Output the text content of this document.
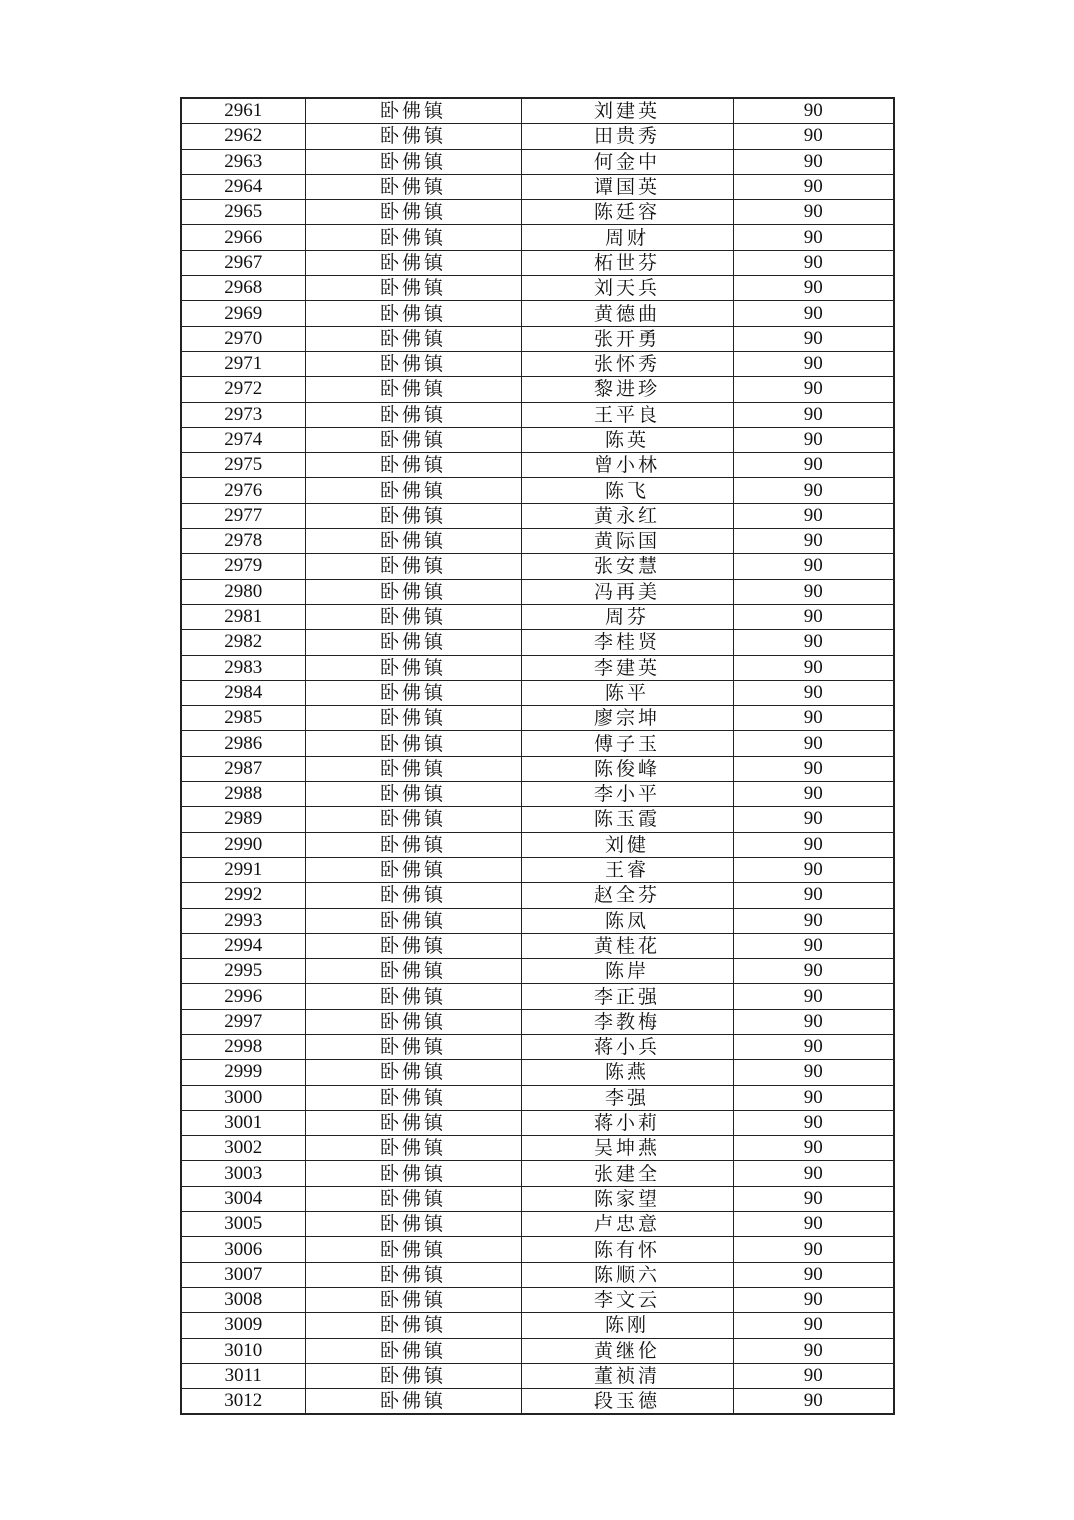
2961	卧佛镇	刘建英	90
2962	卧佛镇	田贵秀	90
2963	卧佛镇	何金中	90
2964	卧佛镇	谭国英	90
2965	卧佛镇	陈廷容	90
2966	卧佛镇	周财	90
2967	卧佛镇	柘世芬	90
2968	卧佛镇	刘天兵	90
2969	卧佛镇	黄德曲	90
2970	卧佛镇	张开勇	90
2971	卧佛镇	张怀秀	90
2972	卧佛镇	黎进珍	90
2973	卧佛镇	王平良	90
2974	卧佛镇	陈英	90
2975	卧佛镇	曾小林	90
2976	卧佛镇	陈飞	90
2977	卧佛镇	黄永红	90
2978	卧佛镇	黄际国	90
2979	卧佛镇	张安慧	90
2980	卧佛镇	冯再美	90
2981	卧佛镇	周芬	90
2982	卧佛镇	李桂贤	90
2983	卧佛镇	李建英	90
2984	卧佛镇	陈平	90
2985	卧佛镇	廖宗坤	90
2986	卧佛镇	傅子玉	90
2987	卧佛镇	陈俊峰	90
2988	卧佛镇	李小平	90
2989	卧佛镇	陈玉霞	90
2990	卧佛镇	刘健	90
2991	卧佛镇	王睿	90
2992	卧佛镇	赵全芬	90
2993	卧佛镇	陈凤	90
2994	卧佛镇	黄桂花	90
2995	卧佛镇	陈岸	90
2996	卧佛镇	李正强	90
2997	卧佛镇	李教梅	90
2998	卧佛镇	蒋小兵	90
2999	卧佛镇	陈燕	90
3000	卧佛镇	李强	90
3001	卧佛镇	蒋小莉	90
3002	卧佛镇	吴坤燕	90
3003	卧佛镇	张建全	90
3004	卧佛镇	陈家望	90
3005	卧佛镇	卢忠意	90
3006	卧佛镇	陈有怀	90
3007	卧佛镇	陈顺六	90
3008	卧佛镇	李文云	90
3009	卧佛镇	陈刚	90
3010	卧佛镇	黄继伦	90
3011	卧佛镇	董祯清	90
3012	卧佛镇	段玉德	90
